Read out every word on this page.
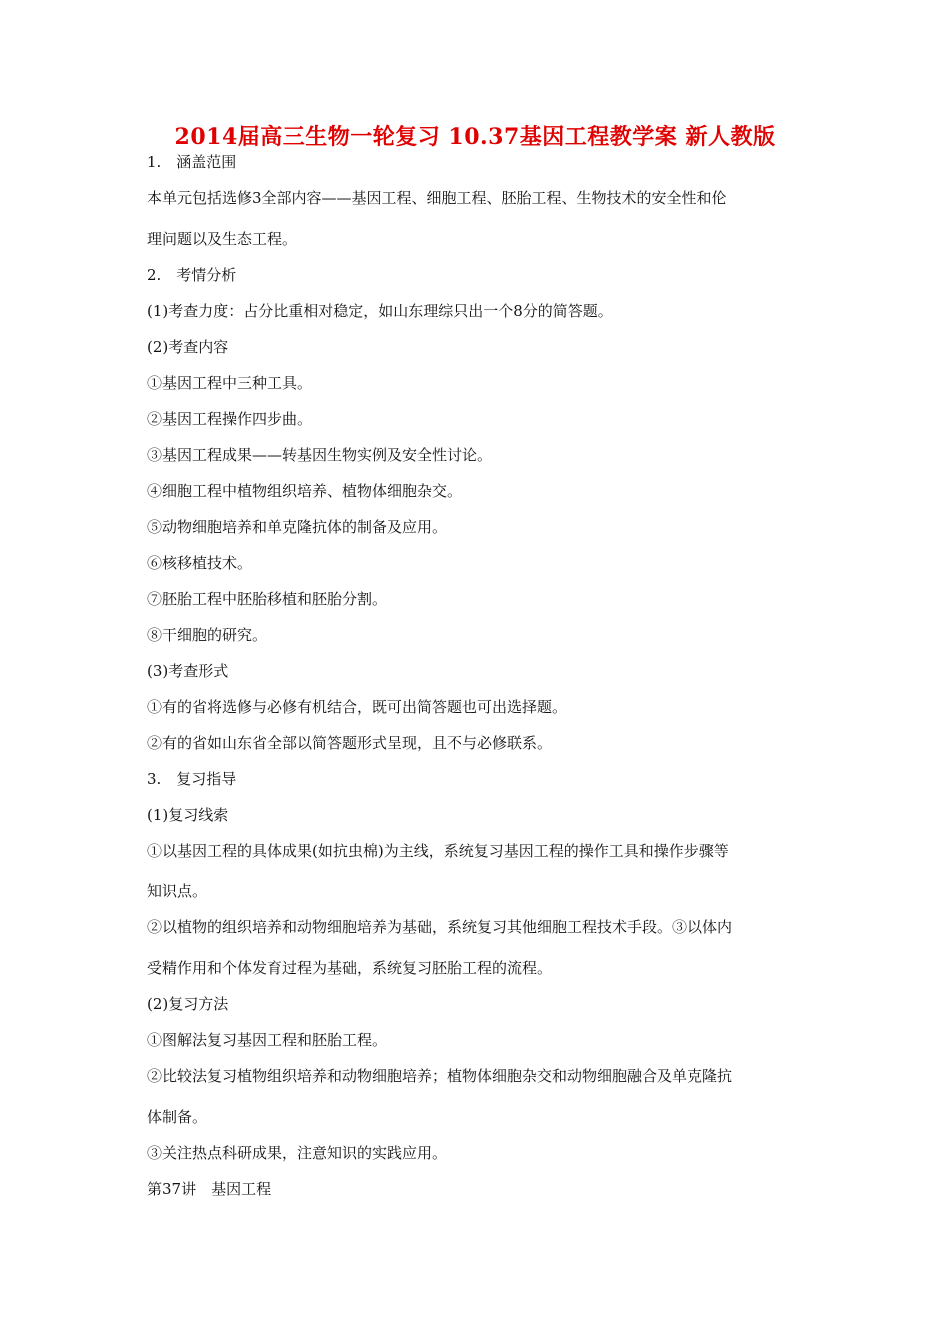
2014届高三生物一轮复习 10.37基因工程教学案 新人教版
1.　涵盖范围
本单元包括选修3全部内容——基因工程、细胞工程、胚胎工程、生物技术的安全性和伦
理问题以及生态工程。
2.　考情分析
(1)考查力度：占分比重相对稳定，如山东理综只出一个8分的简答题。
(2)考查内容
①基因工程中三种工具。
②基因工程操作四步曲。
③基因工程成果——转基因生物实例及安全性讨论。
④细胞工程中植物组织培养、植物体细胞杂交。
⑤动物细胞培养和单克隆抗体的制备及应用。
⑥核移植技术。
⑦胚胎工程中胚胎移植和胚胎分割。
⑧干细胞的研究。
(3)考查形式
①有的省将选修与必修有机结合，既可出简答题也可出选择题。
②有的省如山东省全部以简答题形式呈现，且不与必修联系。
3.　复习指导
(1)复习线索
①以基因工程的具体成果(如抗虫棉)为主线，系统复习基因工程的操作工具和操作步骤等
知识点。
②以植物的组织培养和动物细胞培养为基础，系统复习其他细胞工程技术手段。③以体内
受精作用和个体发育过程为基础，系统复习胚胎工程的流程。
(2)复习方法
①图解法复习基因工程和胚胎工程。
②比较法复习植物组织培养和动物细胞培养；植物体细胞杂交和动物细胞融合及单克隆抗
体制备。
③关注热点科研成果，注意知识的实践应用。
第37讲　基因工程
